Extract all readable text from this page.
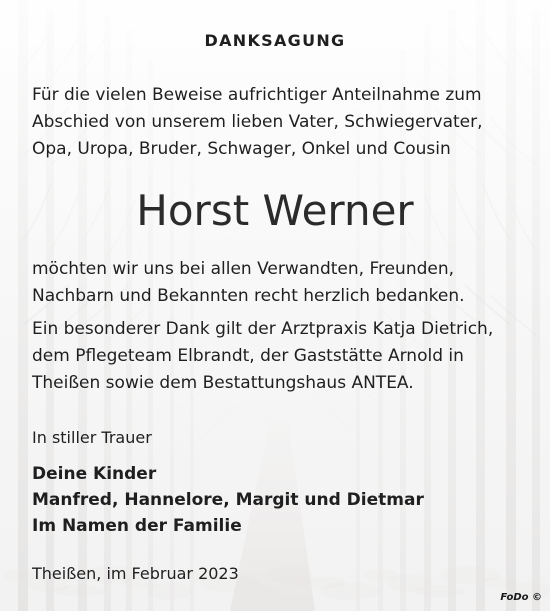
DANKSAGUNG
Für die vielen Beweise aufrichtiger Anteilnahme zum
Abschied von unserem lieben Vater, Schwiegervater,
Opa, Uropa, Bruder, Schwager, Onkel und Cousin
Horst Werner
möchten wir uns bei allen Verwandten, Freunden,
Nachbarn und Bekannten recht herzlich bedanken.
Ein besonderer Dank gilt der Arztpraxis Katja Dietrich,
dem Pflegeteam Elbrandt, der Gaststätte Arnold in
Theißen sowie dem Bestattungshaus ANTEA.
In stiller Trauer
Deine Kinder
Manfred, Hannelore, Margit und Dietmar
Im Namen der Familie
Theißen, im Februar 2023
FoDo ©
